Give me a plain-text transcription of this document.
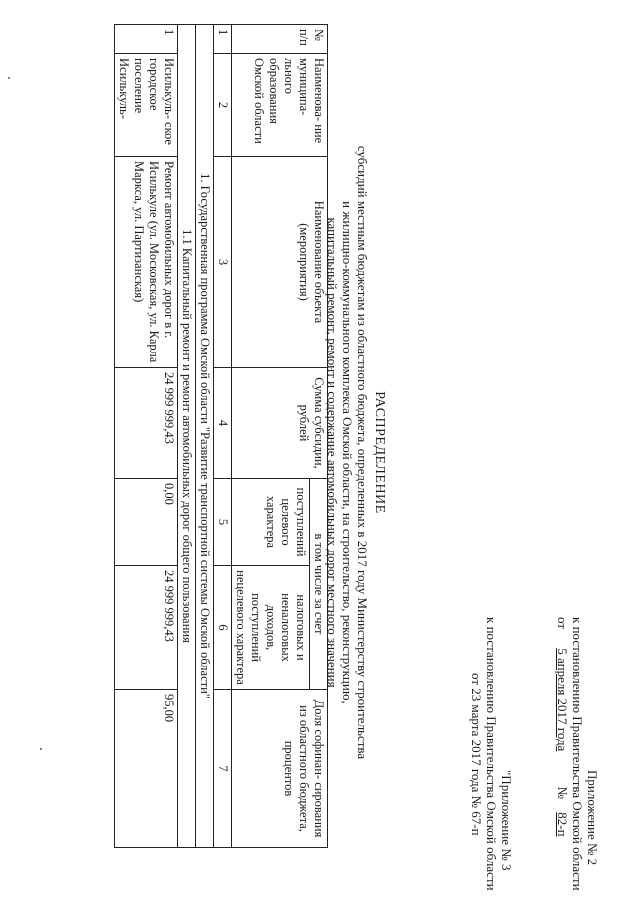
Приложение № 2
к постановлению Правительства Омской области
от 5 апреля 2017 года № 82-п
"Приложение № 3
к постановлению Правительства Омской области
от 23 марта 2017 года № 67-п
РАСПРЕДЕЛЕНИЕ
субсидий местным бюджетам из областного бюджета, определенных в 2017 году Министерству строительства
и жилищно-коммунального комплекса Омской области, на строительство, реконструкцию,
капитальный ремонт, ремонт и содержание автомобильных дорог местного значения
№ п/п	Наименова- ние муниципа- льного образования Омской области	Наименование объекта (мероприятия)	Сумма субсидии, рублей	в том числе за счет		Доля софинан- сирования из областного бюджета, процентов
				поступлений целевого характера	налоговых и неналоговых доходов, поступлений нецелевого характера	
1	2	3	4	5	6	7
1. Государственная программа Омской области "Развитие транспортной системы Омской области"						
1.1 Капитальный ремонт и ремонт автомобильных дорог общего пользования						
1	Исилькуль- ское городское поселение Исилькуль-	Ремонт автомобильных дорог в г. Исилькуле (ул. Московская, ул. Карла Маркса, ул. Партизанская)	24 999 999,43	0,00	24 999 999,43	95,00
